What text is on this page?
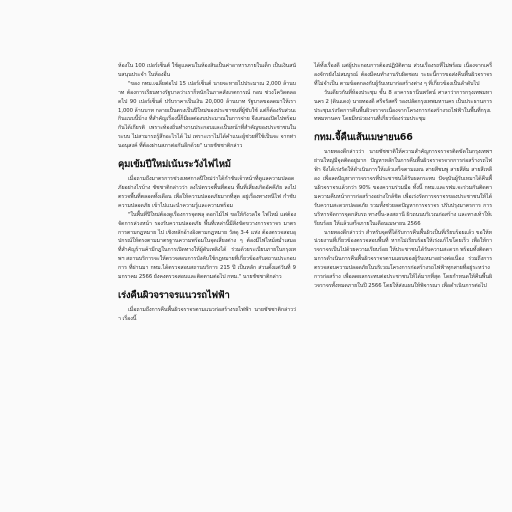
ห้องใน 100 เปอร์เซ็นต์ ใช้ดูแลคนในห้องสินเป็นค่าอาหารภายในเด็ก เป็นเงินสนับสนุนประจำ ในห้องอื่น

"ของ กทม.เฉลี่ยต่อไป 15 เปอร์เซ็นต์ นายจะหายไปประมาณ 2,000 ล้านบาท ต้องการเรียนทางรัฐบาลว่าเราก็หนักในภาคสังเกตการณ์ กอบ ช่วงโควิดตลอดไป 90 เปอร์เซ็นต์ ปรับราคาเป็นเงิน 20,000 ล้านบาท รัฐบาลขอลดมาให้เรา 1,000 ล้านบาท กลายเป็นตรงเป็นปีใหม่ของประชาชนที่ผู้ขับใช้ แต่ก็ต้องรับส่วนเกินแบบนี้บ้าง ที่สำคัญเรื่องนี้ก็มีผลต่องบประมาณในการจ่าย จึงเสนอเปิดไปพร้อมกันได้เกียรติ เพราะท้องถิ่นทำงานประกอบและเป็นหน้าที่สำคัญของประชาชนในระบบ ไม่สามารถรู้สึกอะไรได้ ไม่ เพราะเราไม่ได้คำแนะผู้ช่วยที่ใช้เป็นจะ จากท่านอนุสงค์ ที่ต้องผ่านสภาต่อกันอีกด้วย" นายชัชชาติกล่าว

คุมเข้มปีใหม่เน้นระวังไฟไหม้

เมื่อถามถึงมาตรการช่วงเทศกาลปีใหม่ว่าได้กำชับเจ้าหน้าที่ดูแลความปลอดภัยอย่างไรบ้าง ชัชชาติกล่าวว่า ลงไปตรวจพื้นที่ตอน พื้นที่เสี่ยงเกิดอัคคีภัย ลงไปตรวจพื้นที่ตลอดทั้งเดือน เพื่อให้ความปลอดภัยมากที่สุด อยู่เรื่องทางหนีไฟ กำชับความปลอดภัย เข้าไปแนะนำความรู้และความพร้อม

"ในพื้นที่ปีใหม่ต้องดูเรื่องการจุดพลุ ดอกไม้ไฟ ขอให้กังวลใจ ไฟไหม้ แต่ต้องจัดการล่วงหน้า รองรับความปลอดภัย พื้นที่เหล่านี้มีสิ่งขัดขวางการจราจร มาตรการตามกฎหมาย ไป เชิงหลักอ้างอิงตามกฎหมาย วัสดุ 3-4 แห่ง ต้องตรวจสอบอุปกรณ์ให้ตรงตามมาตรฐานความพร้อมในจุดเสี่ยงต่าง ๆ ต้องมีไฟไหม้สม่ำเสมอ ที่สำคัญร้านค้ามีกฎในการเปิดทางให้ผู้ดับเพลิงได้ ร่วมด้วยระเบียบภายในกรุงเทพฯ สถานบริการจะให้ตรวจสอบการบังคับใช้กฎหมายที่เกี่ยวข้องกับสถานประกอบการ ที่ผ่านมา กทม.ได้ตรวจสอบสถานบริการ 215 ปี เป็นหลัก ส่วนตั้งแต่วันที่ 9 มกราคม 2566 ยังคงตรวจสอบและติดตามต่อไป กทม." นายชัชชาติกล่าว

เร่งคืนผิวจราจรแนวรถไฟฟ้า

เมื่อถามถึงการคืนพื้นผิวจราจรตามแนวก่อสร้างรถไฟฟ้า นายชัชชาติกล่าวว่า เรื่องนี้

ได้ทั้งเรื่องดี แต่ผู้ประกอบการต้องปฏิบัติตาม ส่วนเรื่องรถที่ไม่พร้อม เนื่องจากเครื่องจักรยังไม่สมบูรณ์ ต้องมีคนทำงานรับผิดชอบ ระยะนี้การขอส่งคืนพื้นผิวจราจรที่ไม่จำเป็น ตามข้อตกลงกับผู้รับเหมาก่อสร้างต่าง ๆ ที่เกี่ยวข้องเป็นลำดับไป

วันเดียวกันที่ห้องประชุม ชั้น 8 อาคารธานีนพรัตน์ ศาลาว่าการกรุงเทพมหานคร 2 (ดินแดง) นายทองดี ศรีจรัสศรี รองปลัดกรุงเทพมหานคร เป็นประธานการประชุมเร่งรัดการคืนพื้นผิวจราจรเนื่องจากโครงการก่อสร้างรถไฟฟ้าในพื้นที่กรุงเทพมหานคร โดยมีหน่วยงานที่เกี่ยวข้องร่วมประชุม

กทม.จี้คืนเส้นเมษายน66

นายทองดีกล่าวว่า นายชัชชาติให้ความสำคัญการจราจรติดขัดในกรุงเทพฯ ย่านใหญ่มีจุดติดอยู่มาก ปัญหาหลักในการคืนพื้นผิวจราจรจากการก่อสร้างรถไฟฟ้า จึงได้เร่งรัดให้ดำเนินการให้แล้วเสร็จตามแผน สายสีชมพู สายสีส้ม สายสีเหลือง เพื่อลดปัญหาการจราจรที่ประชาชนได้รับผลกระทบ ปัจจุบันผู้รับเหมาได้คืนพื้นผิวจราจรแล้วกว่า 90% ของความร่วมมือ ทั้งนี้ กทม.และรฟม.จะร่วมกันติดตามความคืบหน้าการก่อสร้างอย่างใกล้ชิด เพื่อเร่งรัดการจราจรของประชาชนให้ได้รับความสะดวกปลอดภัย รวมทั้งช่วยลดปัญหาการจราจร ปรับปรุงมาตรการ การบริหารจัดการจุดกลับรถ ทางขึ้น-ลงสถานี ผิวถนนบริเวณก่อสร้าง และทางเท้าให้เรียบร้อย ให้แล้วเสร็จภายในเดือนเมษายน 2566

นายทองดีกล่าวว่า สำหรับจุดที่ได้รับการคืนพื้นผิวเป็นที่เรียบร้อยแล้ว ขอให้หน่วยงานที่เกี่ยวข้องตรวจสอบพื้นที่ หากไม่เรียบร้อยให้เร่งแก้ไขโดยเร็ว เพื่อให้การจราจรเป็นไปด้วยความเรียบร้อย ให้ประชาชนได้รับความสะดวก พร้อมทั้งติดตามการดำเนินการคืนพื้นผิวจราจรตามแผนของผู้รับเหมาอย่างต่อเนื่อง ร่วมถึงการตรวจสอบความปลอดภัยในบริเวณโครงการก่อสร้างรถไฟฟ้าทุกสายที่อยู่ระหว่างการก่อสร้าง เพื่อลดผลกระทบต่อประชาชนให้ได้มากที่สุด โดยกำหนดให้คืนพื้นผิวจราจรทั้งหมดภายในปี 2566 โดยให้ส่งแผนให้พิจารณา เพื่อดำเนินการต่อไป
